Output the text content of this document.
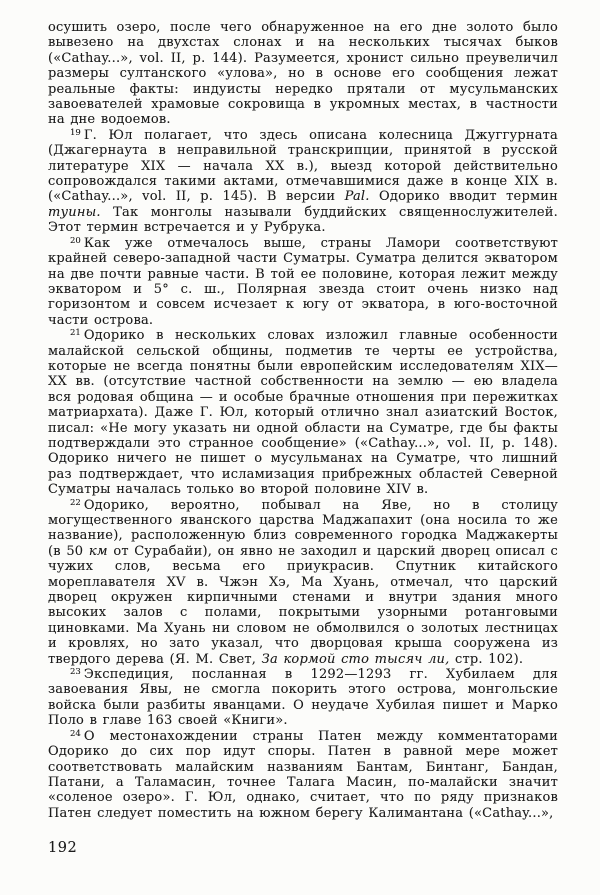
осушить озеро, после чего обнаруженное на его дне золото было вывезено на двухстах слонах и на нескольких тысячах быков («Cathay...», vol. II, p. 144). Разумеется, хронист сильно преувеличил размеры султанского «улова», но в основе его сообщения лежат реальные факты: индуисты нередко прятали от мусульманских завоевателей храмовые сокровища в укромных местах, в частности на дне водоемов.

$^{19}$ Г. Юл полагает, что здесь описана колесница Джуггурната (Джагернаута в неправильной транскрипции, принятой в русской литературе XIX — начала XX в.), выезд которой действительно сопровождался такими актами, отмечавшимися даже в конце XIX в. («Cathay...», vol. II, p. 145). В версии Pal. Одорико вводит термин туины. Так монголы называли буддийских священнослужителей. Этот термин встречается и у Рубрука.

$^{20}$ Как уже отмечалось выше, страны Ламори соответствуют крайней северо-западной части Суматры. Суматра делится экватором на две почти равные части. В той ее половине, которая лежит между экватором и 5° с. ш., Полярная звезда стоит очень низко над горизонтом и совсем исчезает к югу от экватора, в юго-восточной части острова.

$^{21}$ Одорико в нескольких словах изложил главные особенности малайской сельской общины, подметив те черты ее устройства, которые не всегда понятны были европейским исследователям XIX—XX вв. (отсутствие частной собственности на землю — ею владела вся родовая община — и особые брачные отношения при пережитках матриархата). Даже Г. Юл, который отлично знал азиатский Восток, писал: «Не могу указать ни одной области на Суматре, где бы факты подтверждали это странное сообщение» («Cathay...», vol. II, p. 148). Одорико ничего не пишет о мусульманах на Суматре, что лишний раз подтверждает, что исламизация прибрежных областей Северной Суматры началась только во второй половине XIV в.

$^{22}$ Одорико, вероятно, побывал на Яве, но в столицу могущественного яванского царства Маджапахит (она носила то же название), расположенную близ современного городка Маджакерты (в 50 км от Сурабайи), он явно не заходил и царский дворец описал с чужих слов, весьма его приукрасив. Спутник китайского мореплавателя XV в. Чжэн Хэ, Ма Хуань, отмечал, что царский дворец окружен кирпичными стенами и внутри здания много высоких залов с полами, покрытыми узорными ротанговыми циновками. Ма Хуань ни словом не обмолвился о золотых лестницах и кровлях, но зато указал, что дворцовая крыша сооружена из твердого дерева (Я. М. Свет, За кормой сто тысяч ли, стр. 102).

$^{23}$ Экспедиция, посланная в 1292—1293 гг. Хубилаем для завоевания Явы, не смогла покорить этого острова, монгольские войска были разбиты яванцами. О неудаче Хубилая пишет и Марко Поло в главе 163 своей «Книги».

$^{24}$ О местонахождении страны Патен между комментаторами Одорико до сих пор идут споры. Патен в равной мере может соответствовать малайским названиям Бантам, Бинтанг, Бандан, Патани, а Таламасин, точнее Талага Масин, по-малайски значит «соленое озеро». Г. Юл, однако, считает, что по ряду признаков Патен следует поместить на южном берегу Калимантана («Cathay...»,

192
